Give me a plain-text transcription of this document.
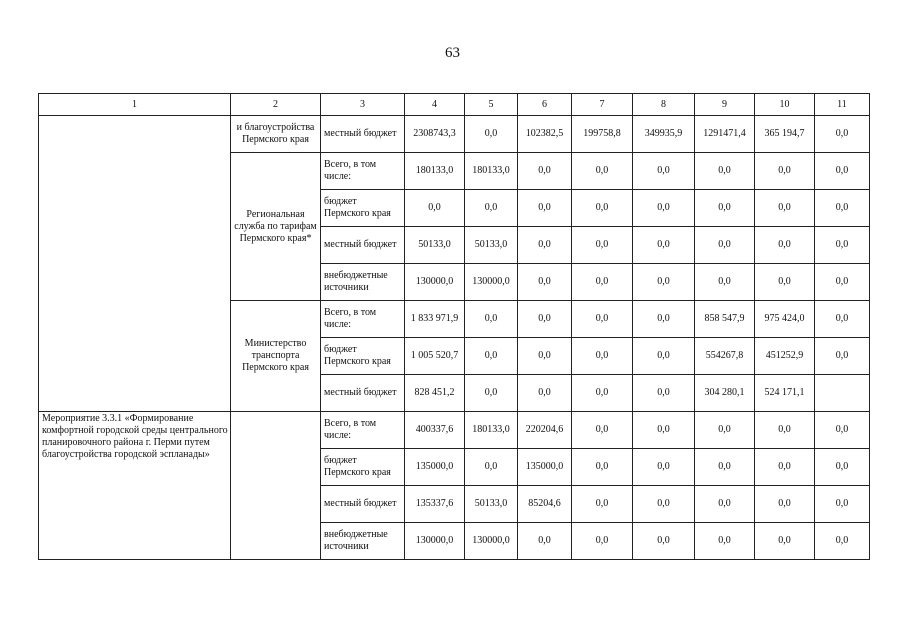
63
1	2	3	4	5	6	7	8	9	10	11
	и благоустройства Пермского края	местный бюджет	2308743,3	0,0	102382,5	199758,8	349935,9	1291471,4	365 194,7	0,0
	Региональная служба по тарифам Пермского края*	Всего, в том числе:	180133,0	180133,0	0,0	0,0	0,0	0,0	0,0	0,0
		бюджет Пермского края	0,0	0,0	0,0	0,0	0,0	0,0	0,0	0,0
		местный бюджет	50133,0	50133,0	0,0	0,0	0,0	0,0	0,0	0,0
		внебюджетные источники	130000,0	130000,0	0,0	0,0	0,0	0,0	0,0	0,0
	Министерство транспорта Пермского края	Всего, в том числе:	1 833 971,9	0,0	0,0	0,0	0,0	858 547,9	975 424,0	0,0
		бюджет Пермского края	1 005 520,7	0,0	0,0	0,0	0,0	554267,8	451252,9	0,0
		местный бюджет	828 451,2	0,0	0,0	0,0	0,0	304 280,1	524 171,1	
Мероприятие 3.3.1 «Формирование комфортной городской среды центрального планировочного района г. Перми путем благоустройства городской эспланады»		Всего, в том числе:	400337,6	180133,0	220204,6	0,0	0,0	0,0	0,0	0,0
		бюджет Пермского края	135000,0	0,0	135000,0	0,0	0,0	0,0	0,0	0,0
		местный бюджет	135337,6	50133,0	85204,6	0,0	0,0	0,0	0,0	0,0
		внебюджетные источники	130000,0	130000,0	0,0	0,0	0,0	0,0	0,0	0,0
